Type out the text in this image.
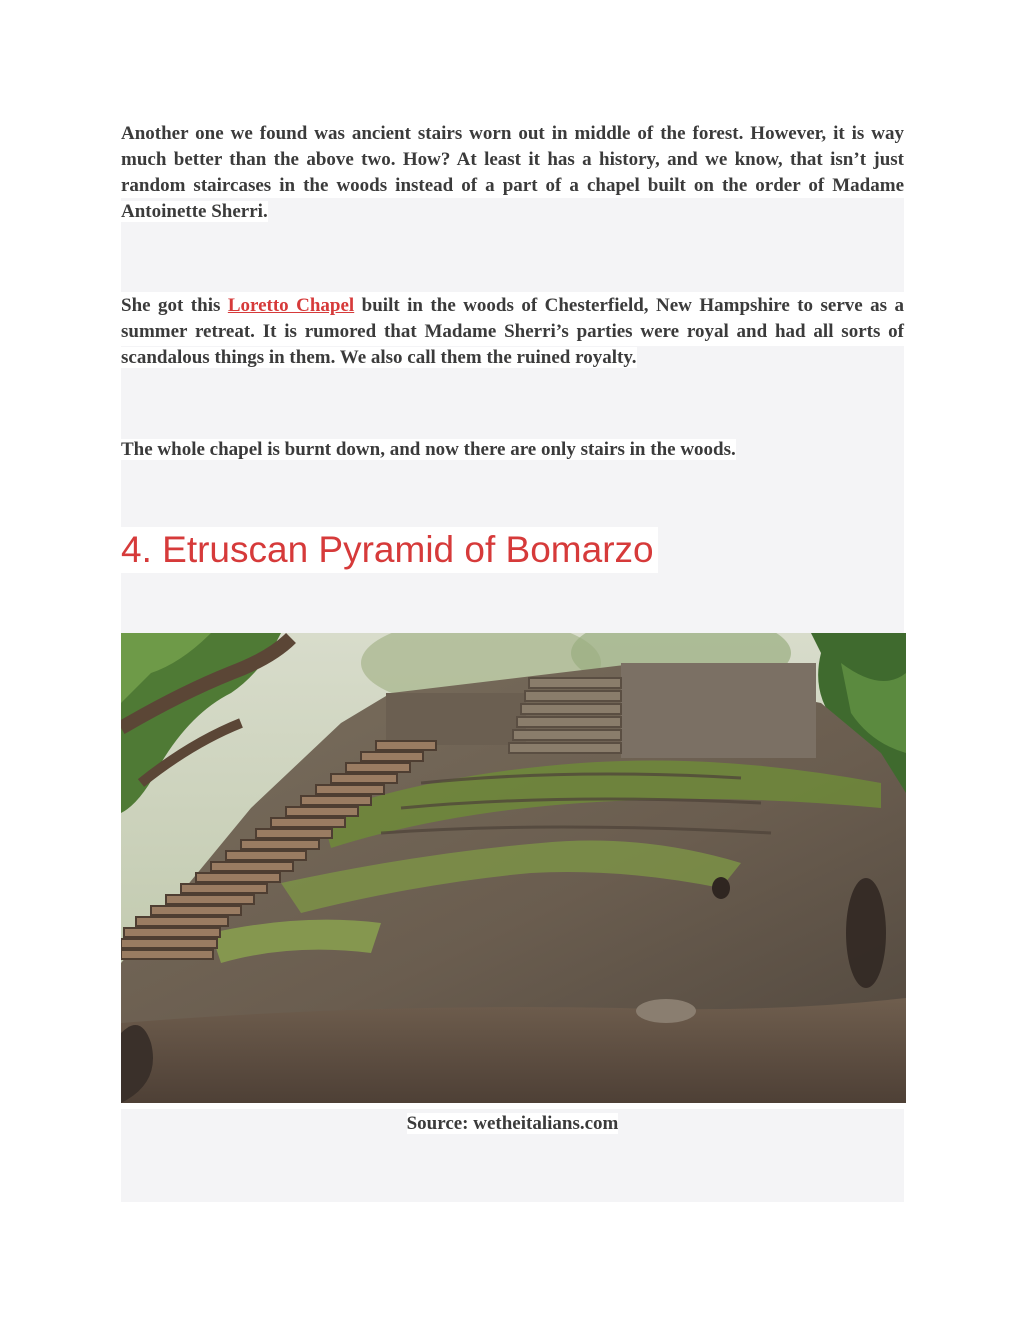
Another one we found was ancient stairs worn out in middle of the forest. However, it is way much better than the above two. How? At least it has a history, and we know, that isn’t just random staircases in the woods instead of a part of a chapel built on the order of Madame Antoinette Sherri.

She got this Loretto Chapel built in the woods of Chesterfield, New Hampshire to serve as a summer retreat. It is rumored that Madame Sherri’s parties were royal and had all sorts of scandalous things in them. We also call them the ruined royalty.

The whole chapel is burnt down, and now there are only stairs in the woods.

4. Etruscan Pyramid of Bomarzo

Source: wetheitalians.com
